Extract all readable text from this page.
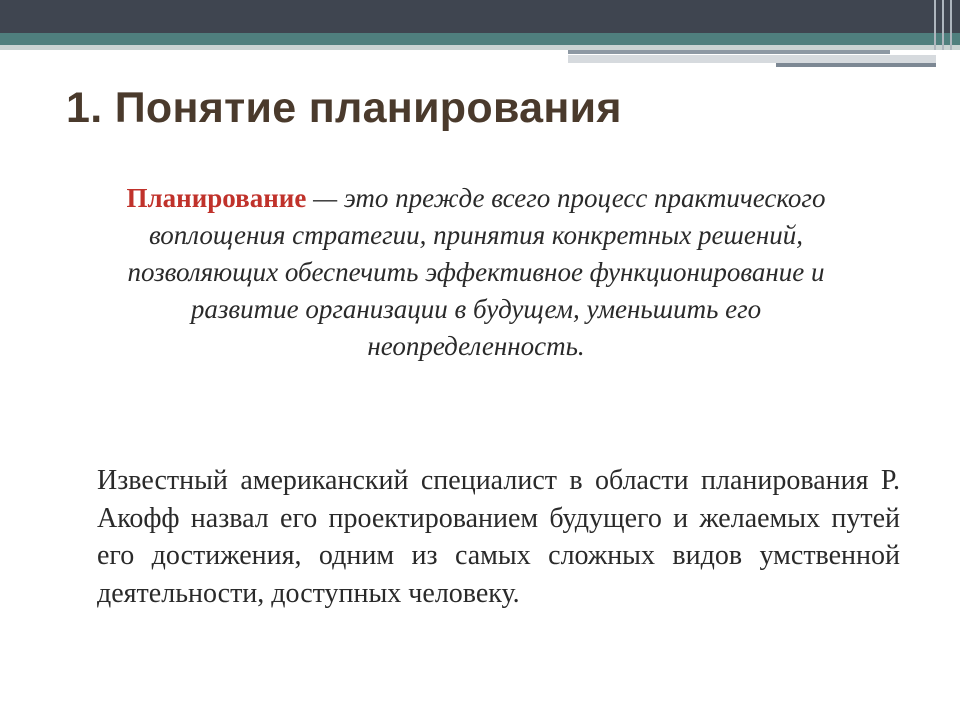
1. Понятие планирования

Планирование — это прежде всего процесс практического воплощения стратегии, принятия конкретных решений, позволяющих обеспечить эффективное функционирование и развитие организации в будущем, уменьшить его неопределенность.

Известный американский специалист в области планирования Р. Акофф назвал его проектированием будущего и желаемых путей его достижения, одним из самых сложных видов умственной деятельности, доступных человеку.
